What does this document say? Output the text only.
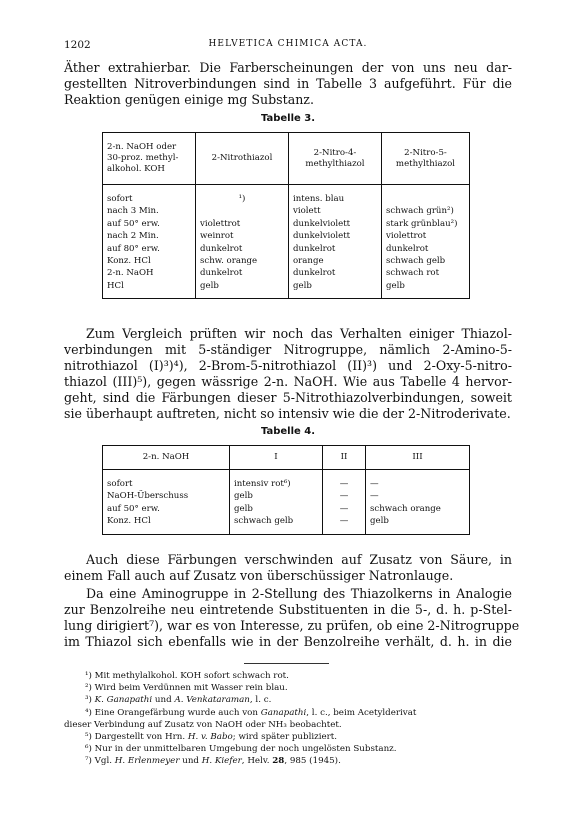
1202	HELVETICA CHIMICA ACTA.
Äther extrahierbar. Die Farberscheinungen der von uns neu dar-
gestellten Nitroverbindungen sind in Tabelle 3 aufgeführt. Für die
Reaktion genügen einige mg Substanz.
Tabelle 3.
2-n. NaOH oder 30-proz. methyl-alkohol. KOH	2-Nitrothiazol	2-Nitro-4-methylthiazol	2-Nitro-5-methylthiazol
sofort	¹)	intens. blau	
nach 3 Min.		violett	schwach grün²)
auf 50° erw.	violettrot	dunkelviolett	stark grünblau²)
nach 2 Min.	weinrot	dunkelviolett	violettrot
auf 80° erw.	dunkelrot	dunkelrot	dunkelrot
Konz. HCl	schw. orange	orange	schwach gelb
2-n. NaOH	dunkelrot	dunkelrot	schwach rot
HCl	gelb	gelb	gelb
Zum Vergleich prüften wir noch das Verhalten einiger Thiazol-
verbindungen mit 5-ständiger Nitrogruppe, nämlich 2-Amino-5-
nitrothiazol (I)³)⁴), 2-Brom-5-nitrothiazol (II)³) und 2-Oxy-5-nitro-
thiazol (III)⁵), gegen wässrige 2-n. NaOH. Wie aus Tabelle 4 hervor-
geht, sind die Färbungen dieser 5-Nitrothiazolverbindungen, soweit
sie überhaupt auftreten, nicht so intensiv wie die der 2-Nitroderivate.
Tabelle 4.
2-n. NaOH	I	II	III
sofort	intensiv rot⁶)	—	—
NaOH-Überschuss	gelb	—	—
auf 50° erw.	gelb	—	schwach orange
Konz. HCl	schwach gelb	—	gelb
Auch diese Färbungen verschwinden auf Zusatz von Säure, in
einem Fall auch auf Zusatz von überschüssiger Natronlauge.
Da eine Aminogruppe in 2-Stellung des Thiazolkerns in Analogie
zur Benzolreihe neu eintretende Substituenten in die 5-, d. h. p-Stel-
lung dirigiert⁷), war es von Interesse, zu prüfen, ob eine 2-Nitrogruppe
im Thiazol sich ebenfalls wie in der Benzolreihe verhält, d. h. in die
¹) Mit methylalkohol. KOH sofort schwach rot.
²) Wird beim Verdünnen mit Wasser rein blau.
³) K. Ganapathi und A. Venkataraman, l. c.
⁴) Eine Orangefärbung wurde auch von Ganapathi, l. c., beim Acetylderivat
dieser Verbindung auf Zusatz von NaOH oder NH₃ beobachtet.
⁵) Dargestellt von Hrn. H. v. Babo; wird später publiziert.
⁶) Nur in der unmittelbaren Umgebung der noch ungelösten Substanz.
⁷) Vgl. H. Erlenmeyer und H. Kiefer, Helv. 28, 985 (1945).
